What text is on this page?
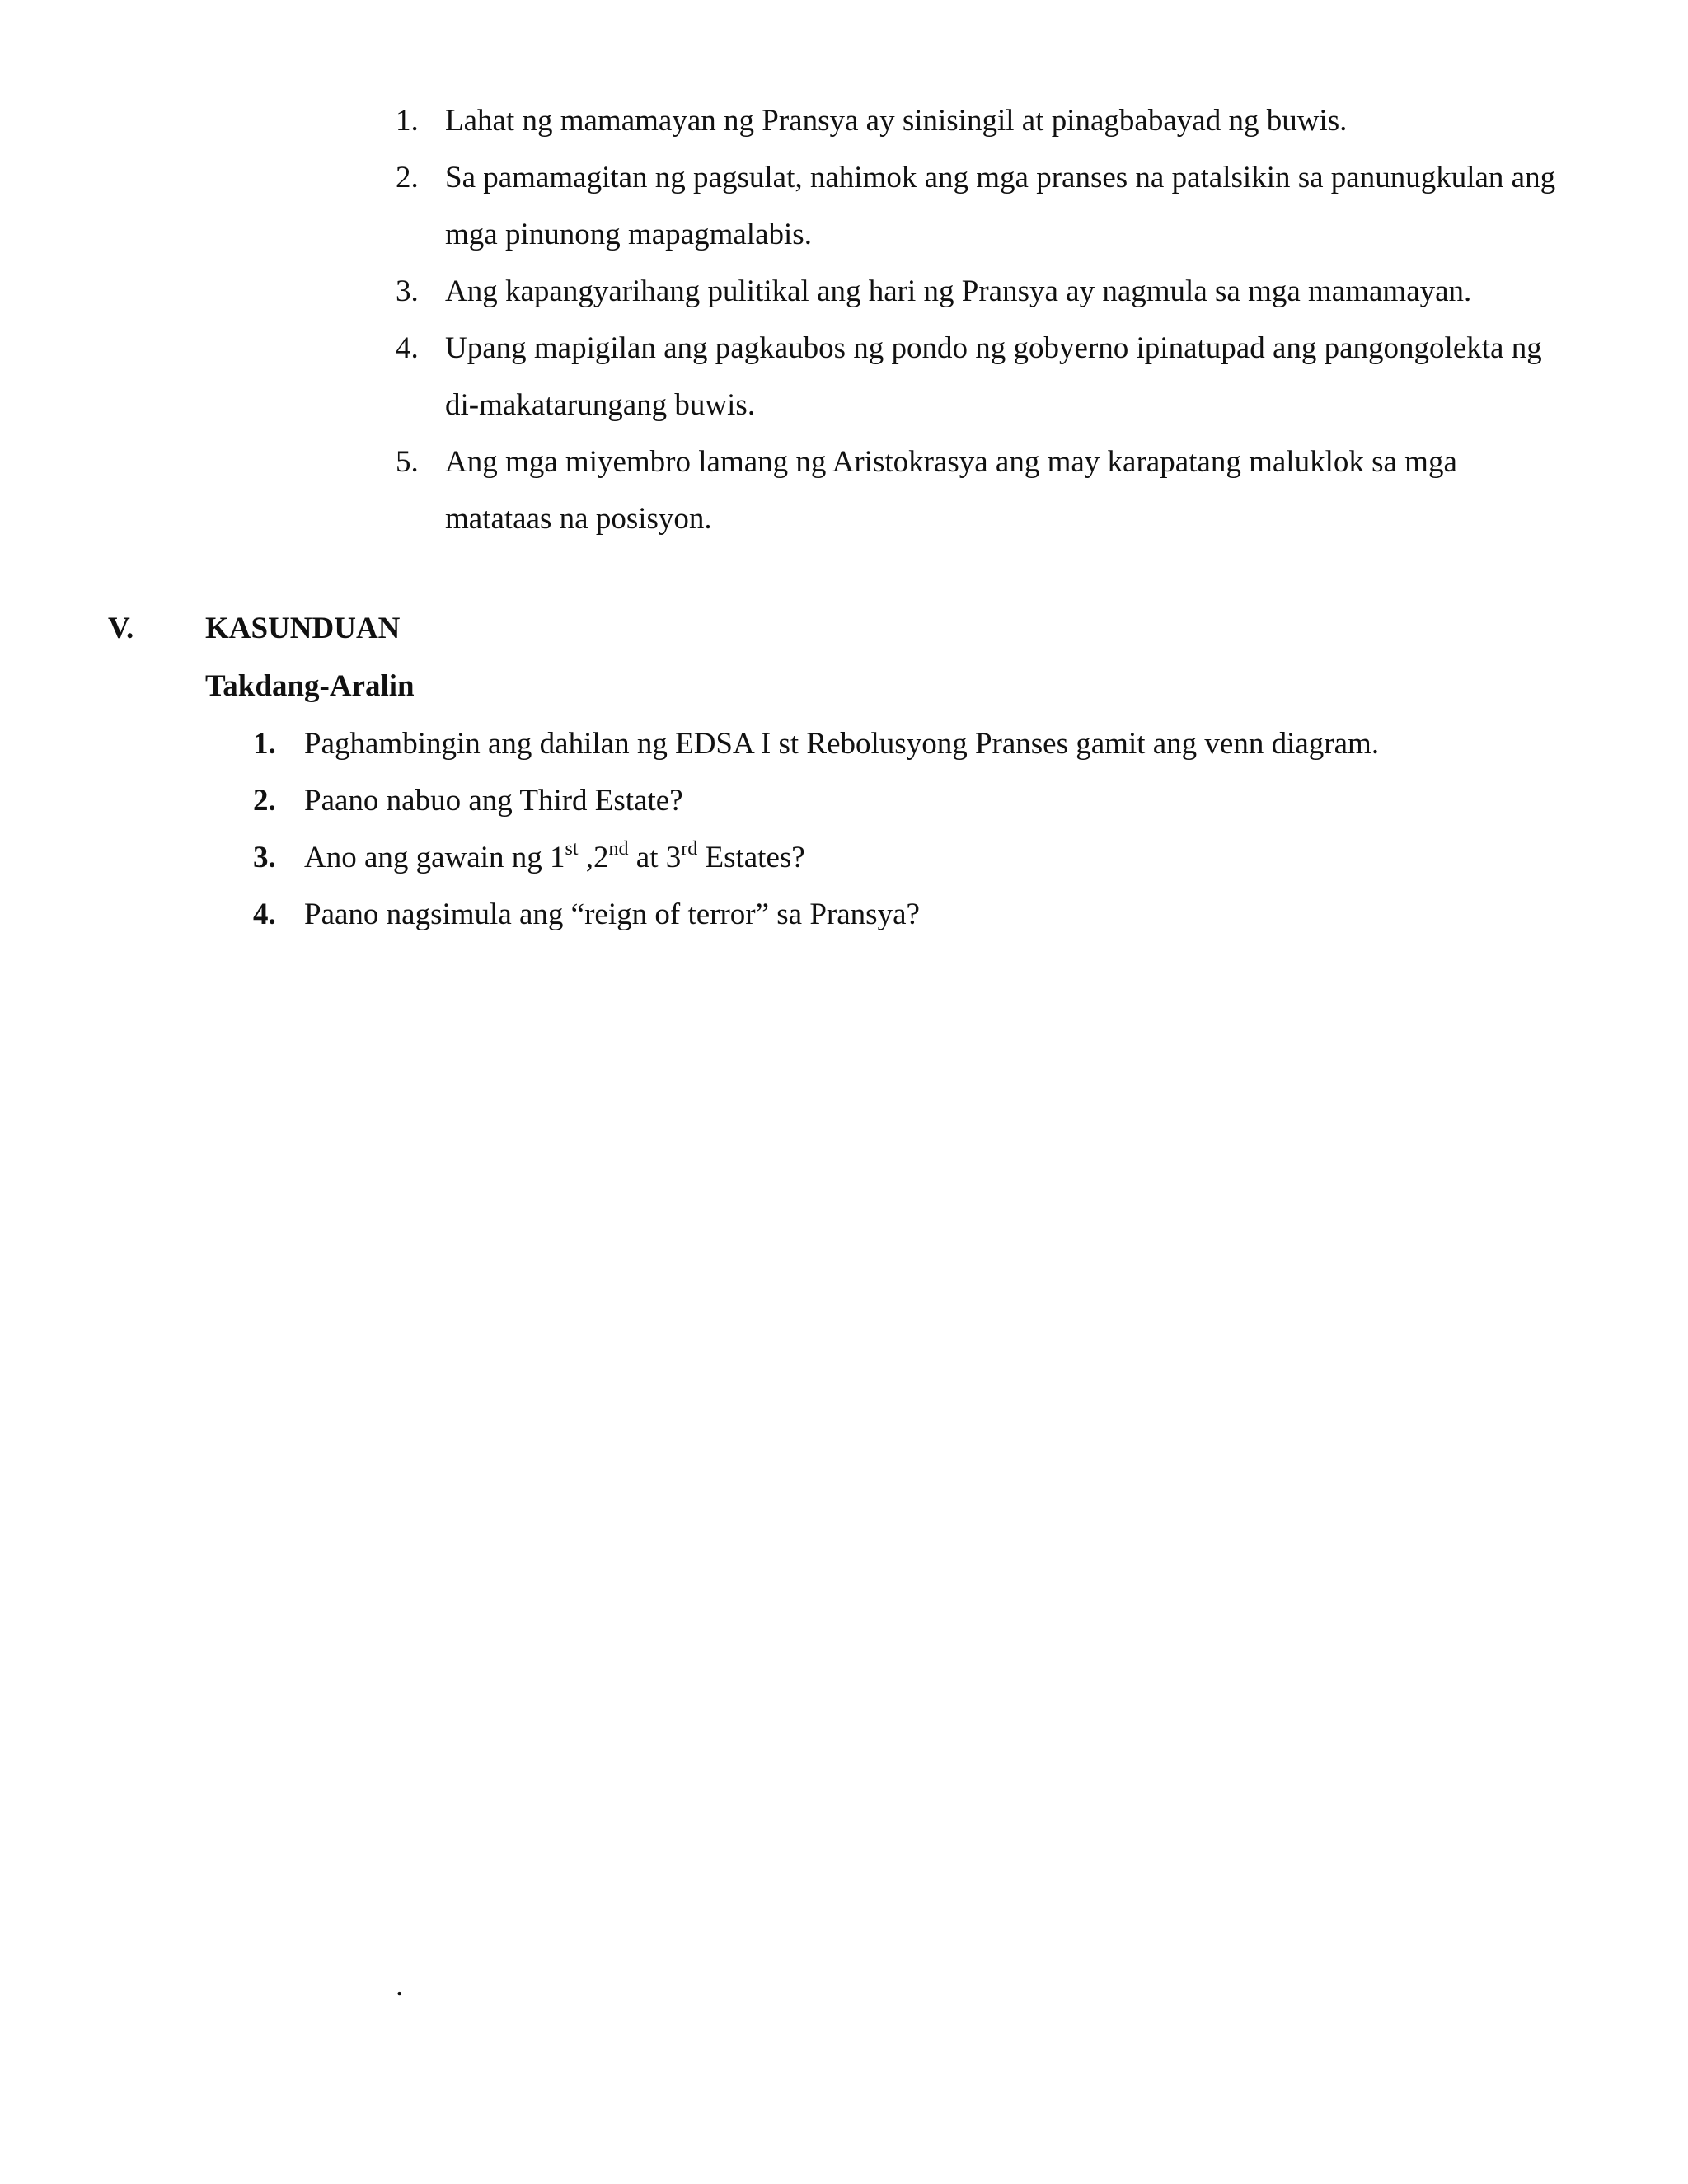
1. Lahat ng mamamayan ng Pransya ay sinisingil at pinagbabayad ng buwis.
2. Sa pamamagitan ng pagsulat, nahimok ang mga pranses na patalsikin sa panunugkulan ang mga pinunong mapagmalabis.
3. Ang kapangyarihang pulitikal ang hari ng Pransya ay nagmula sa mga mamamayan.
4. Upang mapigilan ang pagkaubos ng pondo ng gobyerno ipinatupad ang pangongolekta ng di-makatarungang buwis.
5. Ang mga miyembro lamang ng Aristokrasya ang may karapatang maluklok sa mga matataas na posisyon.
V.	KASUNDUAN
Takdang-Aralin
1. Paghambingin ang dahilan ng EDSA I st Rebolusyong Pranses gamit ang venn diagram.
2. Paano nabuo ang Third Estate?
3. Ano ang gawain ng 1st ,2nd at 3rd Estates?
4. Paano nagsimula ang “reign of terror” sa Pransya?
.
